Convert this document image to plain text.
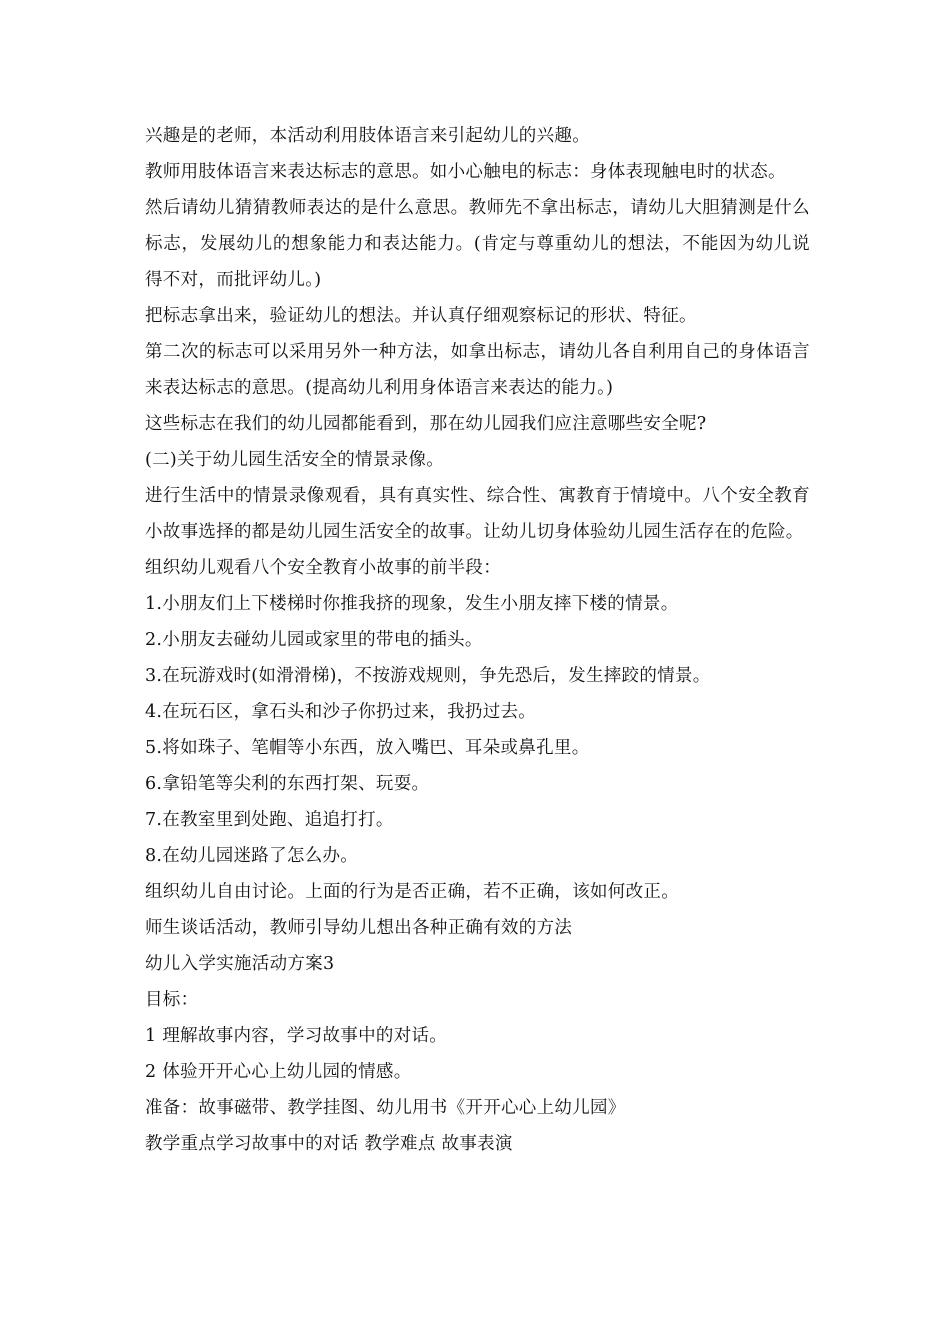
兴趣是的老师，本活动利用肢体语言来引起幼儿的兴趣。

教师用肢体语言来表达标志的意思。如小心触电的标志：身体表现触电时的状态。

然后请幼儿猜猜教师表达的是什么意思。教师先不拿出标志，请幼儿大胆猜测是什么标志，发展幼儿的想象能力和表达能力。(肯定与尊重幼儿的想法，不能因为幼儿说得不对，而批评幼儿。)

把标志拿出来，验证幼儿的想法。并认真仔细观察标记的形状、特征。

第二次的标志可以采用另外一种方法，如拿出标志，请幼儿各自利用自己的身体语言来表达标志的意思。(提高幼儿利用身体语言来表达的能力。)

这些标志在我们的幼儿园都能看到，那在幼儿园我们应注意哪些安全呢?

(二)关于幼儿园生活安全的情景录像。

进行生活中的情景录像观看，具有真实性、综合性、寓教育于情境中。八个安全教育小故事选择的都是幼儿园生活安全的故事。让幼儿切身体验幼儿园生活存在的危险。

组织幼儿观看八个安全教育小故事的前半段：

1.小朋友们上下楼梯时你推我挤的现象，发生小朋友摔下楼的情景。

2.小朋友去碰幼儿园或家里的带电的插头。

3.在玩游戏时(如滑滑梯)，不按游戏规则，争先恐后，发生摔跤的情景。

4.在玩石区，拿石头和沙子你扔过来，我扔过去。

5.将如珠子、笔帽等小东西，放入嘴巴、耳朵或鼻孔里。

6.拿铅笔等尖利的东西打架、玩耍。

7.在教室里到处跑、追追打打。

8.在幼儿园迷路了怎么办。

组织幼儿自由讨论。上面的行为是否正确，若不正确，该如何改正。

师生谈话活动，教师引导幼儿想出各种正确有效的方法

幼儿入学实施活动方案3

目标：

1 理解故事内容，学习故事中的对话。

2 体验开开心心上幼儿园的情感。

准备：故事磁带、教学挂图、幼儿用书《开开心心上幼儿园》

教学重点学习故事中的对话 教学难点 故事表演
